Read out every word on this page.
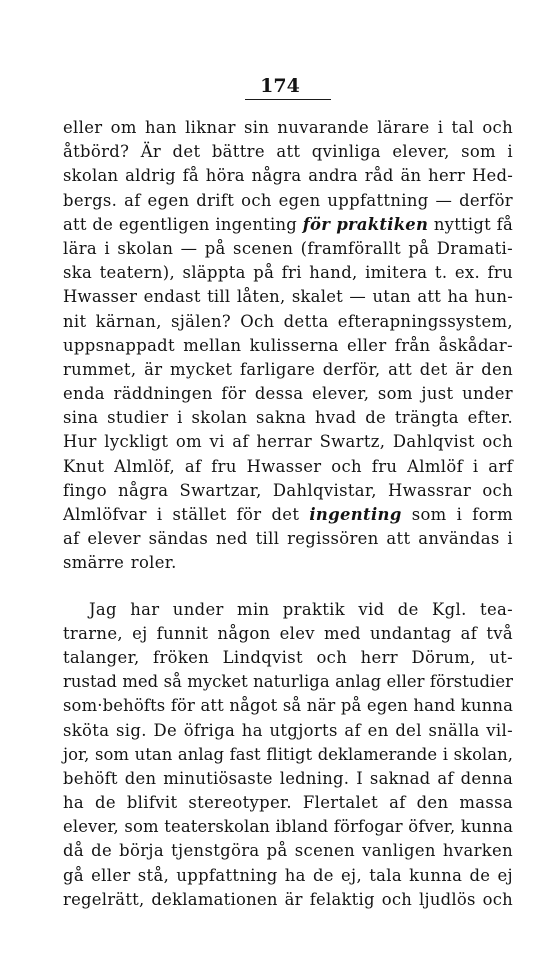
174
eller om han liknar sin nuvarande lärare i tal och
åtbörd? Är det bättre att qvinliga elever, som i
skolan aldrig få höra några andra råd än herr Hed-
bergs. af egen drift och egen uppfattning — derför
att de egentligen ingenting för praktiken nyttigt få
lära i skolan — på scenen (framförallt på Dramati-
ska teatern), släppta på fri hand, imitera t. ex. fru
Hwasser endast till låten, skalet — utan att ha hun-
nit kärnan, själen? Och detta efterapningssystem,
uppsnappadt mellan kulisserna eller från åskådar-
rummet, är mycket farligare derför, att det är den
enda räddningen för dessa elever, som just under
sina studier i skolan sakna hvad de trängta efter.
Hur lyckligt om vi af herrar Swartz, Dahlqvist och
Knut Almlöf, af fru Hwasser och fru Almlöf i arf
fingo några Swartzar, Dahlqvistar, Hwassrar och
Almlöfvar i stället för det ingenting som i form
af elever sändas ned till regissören att användas i
smärre roler.
Jag har under min praktik vid de Kgl. tea-
trarne, ej funnit någon elev med undantag af två
talanger, fröken Lindqvist och herr Dörum, ut-
rustad med så mycket naturliga anlag eller förstudier
som·behöfts för att något så när på egen hand kunna
sköta sig. De öfriga ha utgjorts af en del snälla vil-
jor, som utan anlag fast flitigt deklamerande i skolan,
behöft den minutiösaste ledning. I saknad af denna
ha de blifvit stereotyper. Flertalet af den massa
elever, som teaterskolan ibland förfogar öfver, kunna
då de börja tjenstgöra på scenen vanligen hvarken
gå eller stå, uppfattning ha de ej, tala kunna de ej
regelrätt, deklamationen är felaktig och ljudlös och
